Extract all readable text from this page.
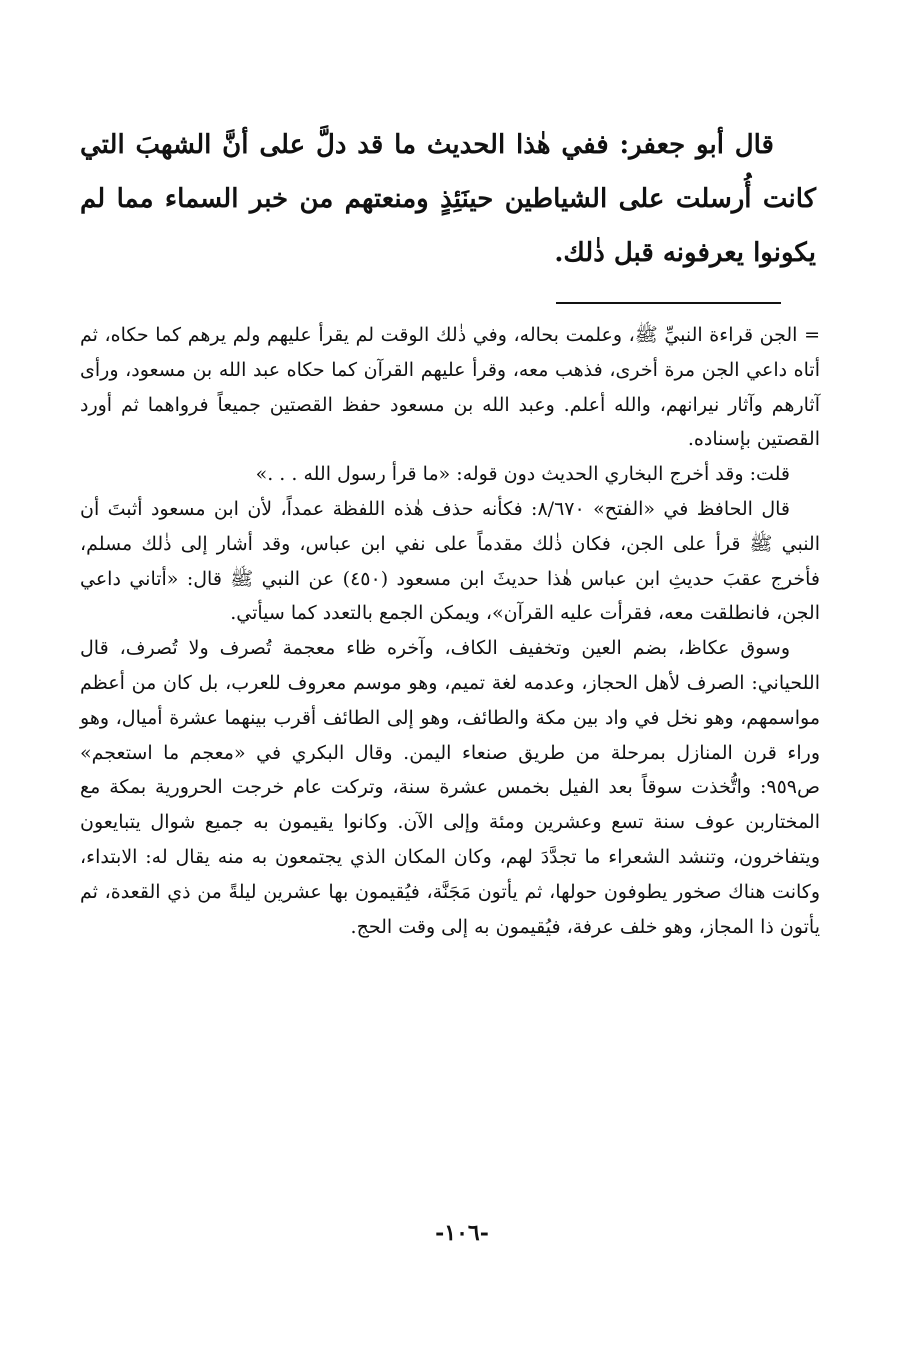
قال أبو جعفر: ففي هٰذا الحديث ما قد دلَّ على أنَّ الشهبَ التي كانت أُرسلت على الشياطين حينَئِذٍ ومنعتهم من خبر السماء مما لم يكونوا يعرفونه قبل ذٰلك.

= الجن قراءة النبيِّ ﷺ، وعلمت بحاله، وفي ذٰلك الوقت لم يقرأ عليهم ولم يرهم كما حكاه، ثم أتاه داعي الجن مرة أخرى، فذهب معه، وقرأ عليهم القرآن كما حكاه عبد الله بن مسعود، ورأى آثارهم وآثار نيرانهم، والله أعلم. وعبد الله بن مسعود حفظ القصتين جميعاً فرواهما ثم أورد القصتين بإسناده.

قلت: وقد أخرج البخاري الحديث دون قوله: «ما قرأ رسول الله . . .»

قال الحافظ في «الفتح» ٨/٦٧٠: فكأنه حذف هٰذه اللفظة عمداً، لأن ابن مسعود أثبتَ أن النبي ﷺ قرأ على الجن، فكان ذٰلك مقدماً على نفي ابن عباس، وقد أشار إلى ذٰلك مسلم، فأخرج عقبَ حديثِ ابن عباس هٰذا حديثَ ابن مسعود (٤٥٠) عن النبي ﷺ قال: «أتاني داعي الجن، فانطلقت معه، فقرأت عليه القرآن»، ويمكن الجمع بالتعدد كما سيأتي.

وسوق عكاظ، بضم العين وتخفيف الكاف، وآخره ظاء معجمة تُصرف ولا تُصرف، قال اللحياني: الصرف لأهل الحجاز، وعدمه لغة تميم، وهو موسم معروف للعرب، بل كان من أعظم مواسمهم، وهو نخل في واد بين مكة والطائف، وهو إلى الطائف أقرب بينهما عشرة أميال، وهو وراء قرن المنازل بمرحلة من طريق صنعاء اليمن. وقال البكري في «معجم ما استعجم» ص٩٥٩: واتُّخذت سوقاً بعد الفيل بخمس عشرة سنة، وتركت عام خرجت الحرورية بمكة مع المختاربن عوف سنة تسع وعشرين ومئة وإلى الآن. وكانوا يقيمون به جميع شوال يتبايعون ويتفاخرون، وتنشد الشعراء ما تجدَّدَ لهم، وكان المكان الذي يجتمعون به منه يقال له: الابتداء، وكانت هناك صخور يطوفون حولها، ثم يأتون مَجَنَّة، فيُقيمون بها عشرين ليلةً من ذي القعدة، ثم يأتون ذا المجاز، وهو خلف عرفة، فيُقيمون به إلى وقت الحج.

-١٠٦-
